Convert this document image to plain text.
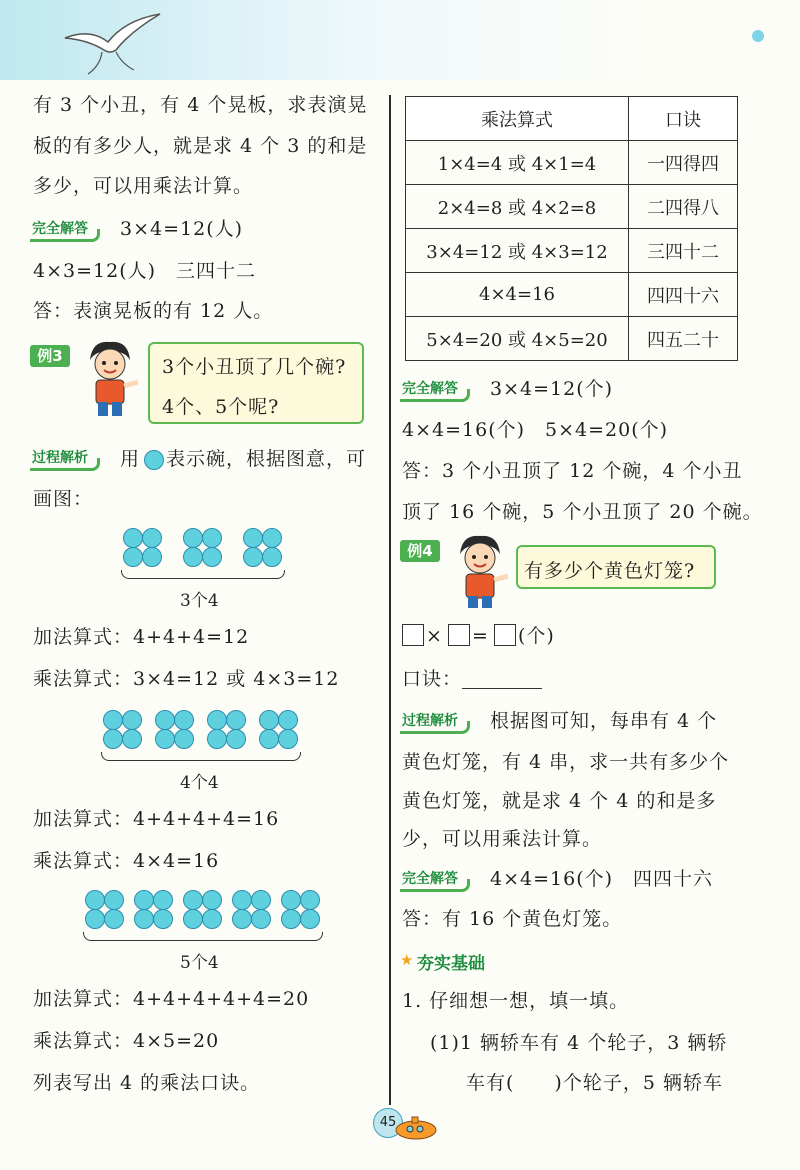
有 3 个小丑，有 4 个晃板，求表演晃
板的有多少人，就是求 4 个 3 的和是
多少，可以用乘法计算。
完全解答 3×4=12(人)
4×3=12(人)　三四十二
答：表演晃板的有 12 人。
例3	3个小丑顶了几个碗?
4个、5个呢?
过程解析 用 表示碗，根据图意，可
画图：
3个4
加法算式：4+4+4=12
乘法算式：3×4=12 或 4×3=12
4个4
加法算式：4+4+4+4=16
乘法算式：4×4=16
5个4
加法算式：4+4+4+4+4=20
乘法算式：4×5=20
列表写出 4 的乘法口诀。
乘法算式	口诀
1×4=4 或 4×1=4	一四得四
2×4=8 或 4×2=8	二四得八
3×4=12 或 4×3=12	三四十二
4×4=16	四四十六
5×4=20 或 4×5=20	四五二十
完全解答 3×4=12(个)
4×4=16(个)　5×4=20(个)
答：3 个小丑顶了 12 个碗，4 个小丑
顶了 16 个碗，5 个小丑顶了 20 个碗。
例4
有多少个黄色灯笼?
× = (个)
口诀：
过程解析 根据图可知，每串有 4 个
黄色灯笼，有 4 串，求一共有多少个
黄色灯笼，就是求 4 个 4 的和是多
少，可以用乘法计算。
完全解答 4×4=16(个)　四四十六
答：有 16 个黄色灯笼。
★ 夯实基础
1. 仔细想一想，填一填。
(1)1 辆轿车有 4 个轮子，3 辆轿
车有(　　)个轮子，5 辆轿车
45
